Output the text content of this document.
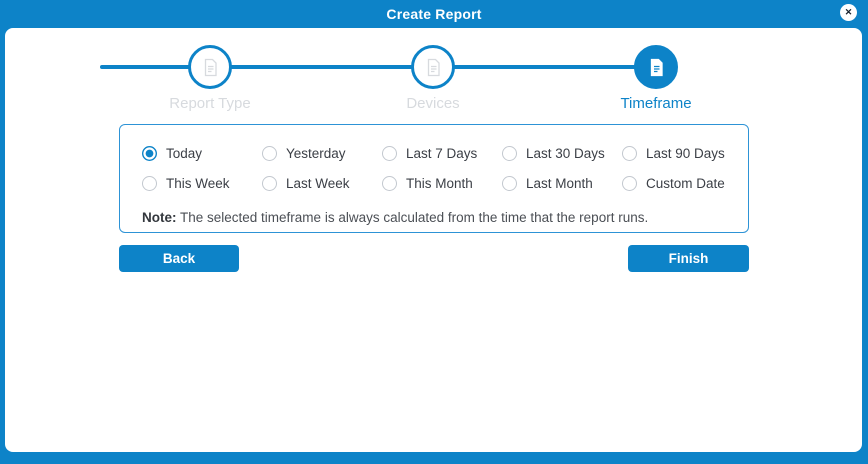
Create Report	✕
Report Type	Devices	Timeframe
Today	Yesterday	Last 7 Days	Last 30 Days	Last 90 Days
This Week	Last Week	This Month	Last Month	Custom Date
Note: The selected timeframe is always calculated from the time that the report runs.
Back	Finish
